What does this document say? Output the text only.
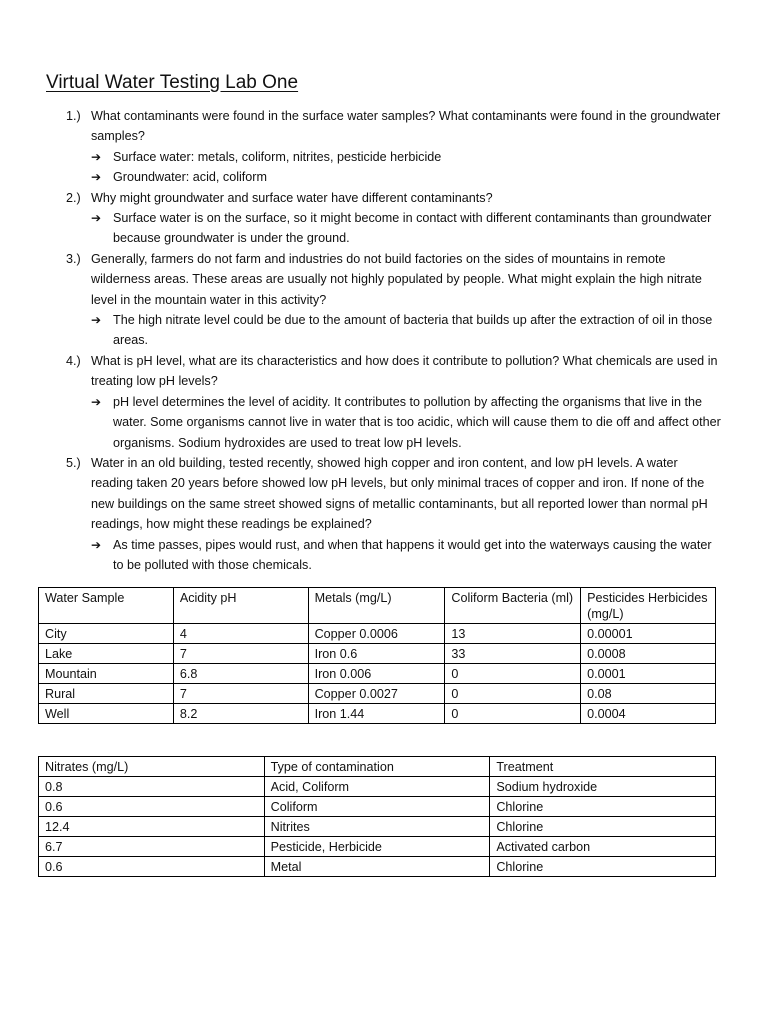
Virtual Water Testing Lab One
1.) What contaminants were found in the surface water samples? What contaminants were found in the groundwater samples?
➔ Surface water: metals, coliform, nitrites, pesticide herbicide
➔ Groundwater: acid, coliform
2.) Why might groundwater and surface water have different contaminants?
➔ Surface water is on the surface, so it might become in contact with different contaminants than groundwater because groundwater is under the ground.
3.) Generally, farmers do not farm and industries do not build factories on the sides of mountains in remote wilderness areas. These areas are usually not highly populated by people. What might explain the high nitrate level in the mountain water in this activity?
➔ The high nitrate level could be due to the amount of bacteria that builds up after the extraction of oil in those areas.
4.) What is pH level, what are its characteristics and how does it contribute to pollution? What chemicals are used in treating low pH levels?
➔ pH level determines the level of acidity. It contributes to pollution by affecting the organisms that live in the water. Some organisms cannot live in water that is too acidic, which will cause them to die off and affect other organisms. Sodium hydroxides are used to treat low pH levels.
5.) Water in an old building, tested recently, showed high copper and iron content, and low pH levels. A water reading taken 20 years before showed low pH levels, but only minimal traces of copper and iron. If none of the new buildings on the same street showed signs of metallic contaminants, but all reported lower than normal pH readings, how might these readings be explained?
➔ As time passes, pipes would rust, and when that happens it would get into the waterways causing the water to be polluted with those chemicals.
Water Sample	Acidity pH	Metals (mg/L)	Coliform Bacteria (ml)	Pesticides Herbicides (mg/L)
City	4	Copper 0.0006	13	0.00001
Lake	7	Iron 0.6	33	0.0008
Mountain	6.8	Iron 0.006	0	0.0001
Rural	7	Copper 0.0027	0	0.08
Well	8.2	Iron 1.44	0	0.0004
Nitrates (mg/L)	Type of contamination	Treatment
0.8	Acid, Coliform	Sodium hydroxide
0.6	Coliform	Chlorine
12.4	Nitrites	Chlorine
6.7	Pesticide, Herbicide	Activated carbon
0.6	Metal	Chlorine
